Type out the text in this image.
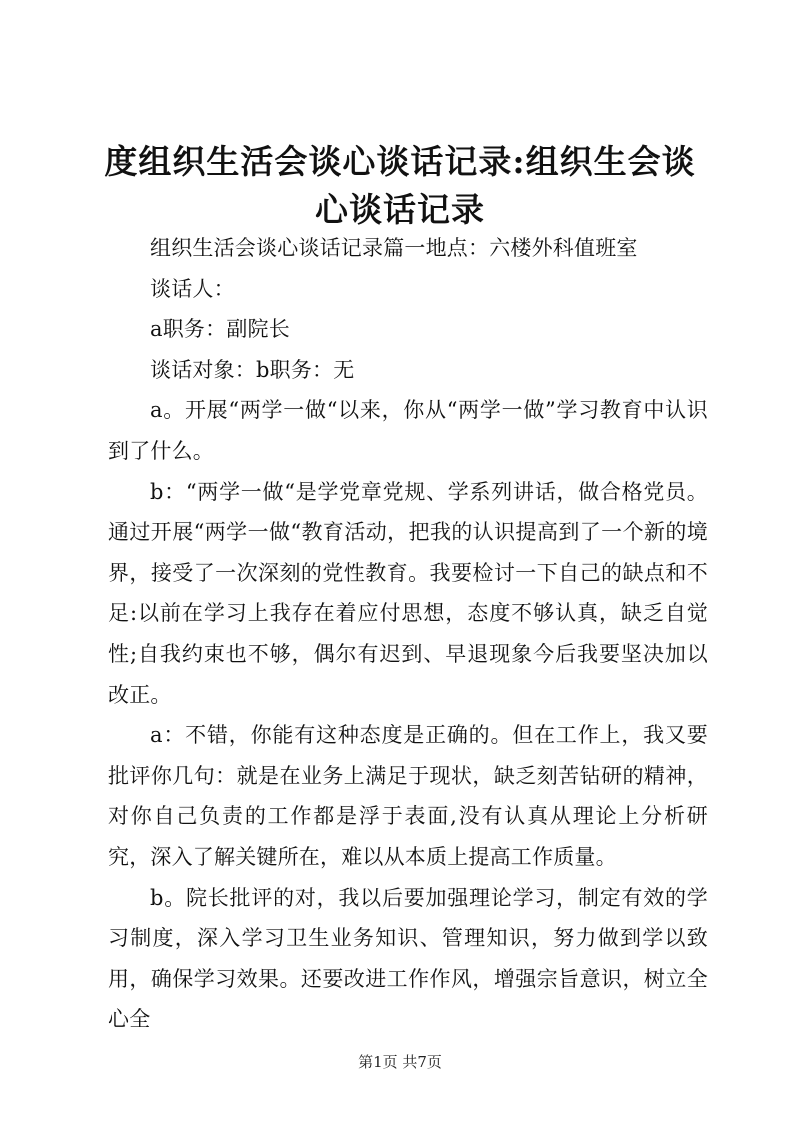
度组织生活会谈心谈话记录:组织生会谈心谈话记录

组织生活会谈心谈话记录篇一地点：六楼外科值班室

谈话人：

a职务：副院长

谈话对象：b职务：无

a。开展“两学一做“以来，你从“两学一做”学习教育中认识到了什么。

b：“两学一做“是学党章党规、学系列讲话，做合格党员。通过开展“两学一做“教育活动，把我的认识提高到了一个新的境界，接受了一次深刻的党性教育。我要检讨一下自己的缺点和不足:以前在学习上我存在着应付思想，态度不够认真，缺乏自觉性;自我约束也不够，偶尔有迟到、早退现象今后我要坚决加以改正。

a：不错，你能有这种态度是正确的。但在工作上，我又要批评你几句：就是在业务上满足于现状，缺乏刻苦钻研的精神，对你自己负责的工作都是浮于表面,没有认真从理论上分析研究，深入了解关键所在，难以从本质上提高工作质量。

b。院长批评的对，我以后要加强理论学习，制定有效的学习制度，深入学习卫生业务知识、管理知识，努力做到学以致用，确保学习效果。还要改进工作作风，增强宗旨意识，树立全心全

第1页 共7页
